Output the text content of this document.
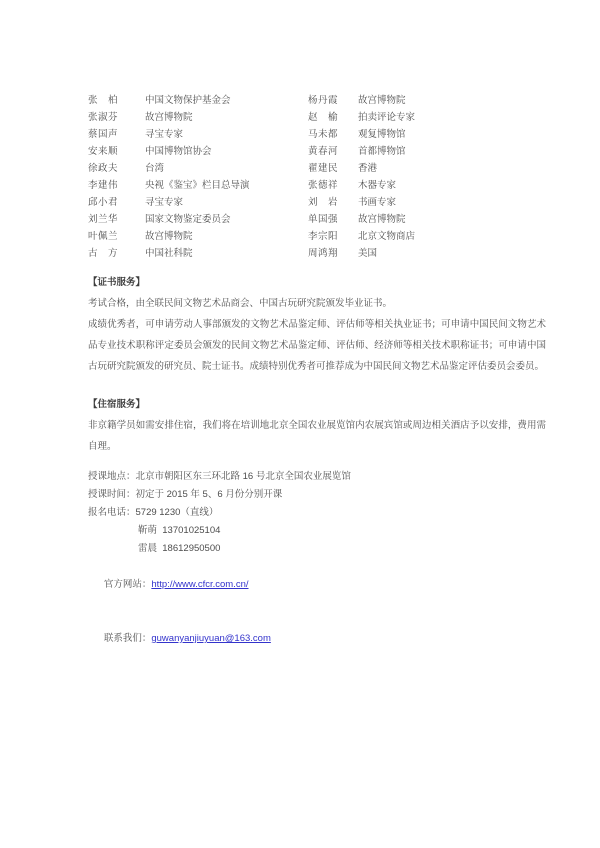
张　柏	中国文物保护基金会	杨丹霞	故宫博物院
张淑芬	故宫博物院	赵　榆	拍卖评论专家
蔡国声	寻宝专家	马未都	观复博物馆
安来顺	中国博物馆协会	黄春河	首都博物馆
徐政夫	台湾	翟建民	香港
李建伟	央视《鉴宝》栏目总导演	张德祥	木器专家
邱小君	寻宝专家	刘　岩	书画专家
刘兰华	国家文物鉴定委员会	单国强	故宫博物院
叶佩兰	故宫博物院	李宗阳	北京文物商店
古　方	中国社科院	周鸿翔	美国
【证书服务】

考试合格，由全联民间文物艺术品商会、中国古玩研究院颁发毕业证书。

成绩优秀者，可申请劳动人事部颁发的文物艺术品鉴定师、评估师等相关执业证书；可申请中国民间文物艺术品专业技术职称评定委员会颁发的民间文物艺术品鉴定师、评估师、经济师等相关技术职称证书；可申请中国古玩研究院颁发的研究员、院士证书。成绩特别优秀者可推荐成为中国民间文物艺术品鉴定评估委员会委员。

【住宿服务】

非京籍学员如需安排住宿，我们将在培训地北京全国农业展览馆内农展宾馆或周边相关酒店予以安排，费用需自理。

授课地点：北京市朝阳区东三环北路 16 号北京全国农业展览馆
授课时间：初定于 2015 年 5、6 月份分别开课
报名电话：5729 1230（直线）
靳萌  13701025104
雷晨  18612950500

官方网站：http://www.cfcr.com.cn/

联系我们：guwanyanjiuyuan@163.com
